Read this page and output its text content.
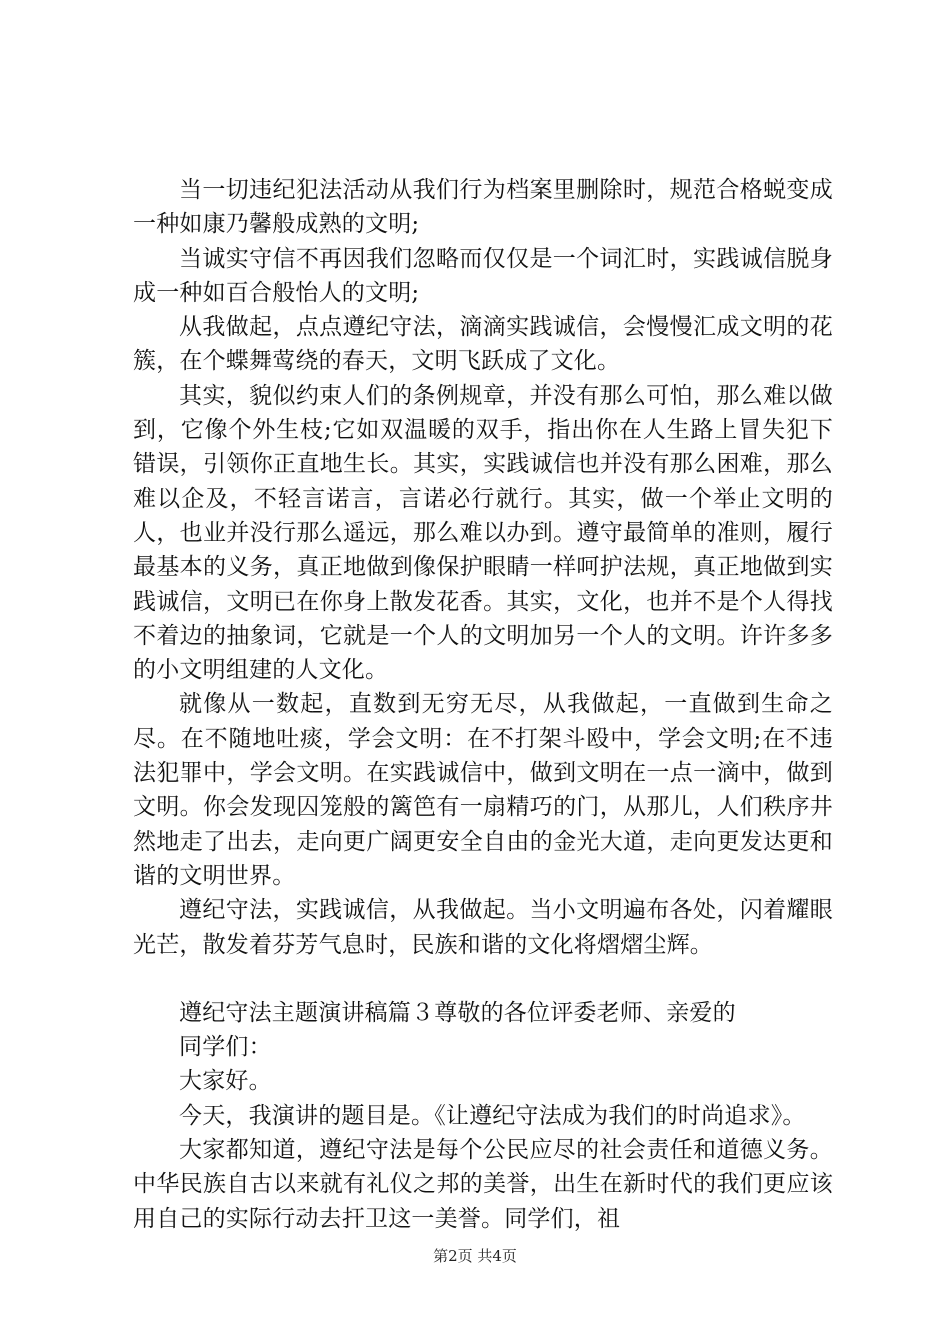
当一切违纪犯法活动从我们行为档案里删除时，规范合格蜕变成一种如康乃馨般成熟的文明;

当诚实守信不再因我们忽略而仅仅是一个词汇时，实践诚信脱身成一种如百合般怡人的文明;

从我做起，点点遵纪守法，滴滴实践诚信，会慢慢汇成文明的花簇，在个蝶舞莺绕的春天，文明飞跃成了文化。

其实，貌似约束人们的条例规章，并没有那么可怕，那么难以做到，它像个外生枝;它如双温暖的双手，指出你在人生路上冒失犯下错误，引领你正直地生长。其实，实践诚信也并没有那么困难，那么难以企及，不轻言诺言，言诺必行就行。其实，做一个举止文明的人，也业并没行那么遥远，那么难以办到。遵守最简单的准则，履行最基本的义务，真正地做到像保护眼睛一样呵护法规，真正地做到实践诚信，文明已在你身上散发花香。其实，文化，也并不是个人得找不着边的抽象词，它就是一个人的文明加另一个人的文明。许许多多的小文明组建的人文化。

就像从一数起，直数到无穷无尽，从我做起，一直做到生命之尽。在不随地吐痰，学会文明：在不打架斗殴中，学会文明;在不违法犯罪中，学会文明。在实践诚信中，做到文明在一点一滴中，做到文明。你会发现囚笼般的篱笆有一扇精巧的门，从那儿，人们秩序井然地走了出去，走向更广阔更安全自由的金光大道，走向更发达更和谐的文明世界。

遵纪守法，实践诚信，从我做起。当小文明遍布各处，闪着耀眼光芒，散发着芬芳气息时，民族和谐的文化将熠熠尘辉。

遵纪守法主题演讲稿篇３尊敬的各位评委老师、亲爱的

同学们：

大家好。

今天，我演讲的题目是。《让遵纪守法成为我们的时尚追求》。

大家都知道，遵纪守法是每个公民应尽的社会责任和道德义务。中华民族自古以来就有礼仪之邦的美誉，出生在新时代的我们更应该用自己的实际行动去扞卫这一美誉。同学们，祖

第2页 共4页
